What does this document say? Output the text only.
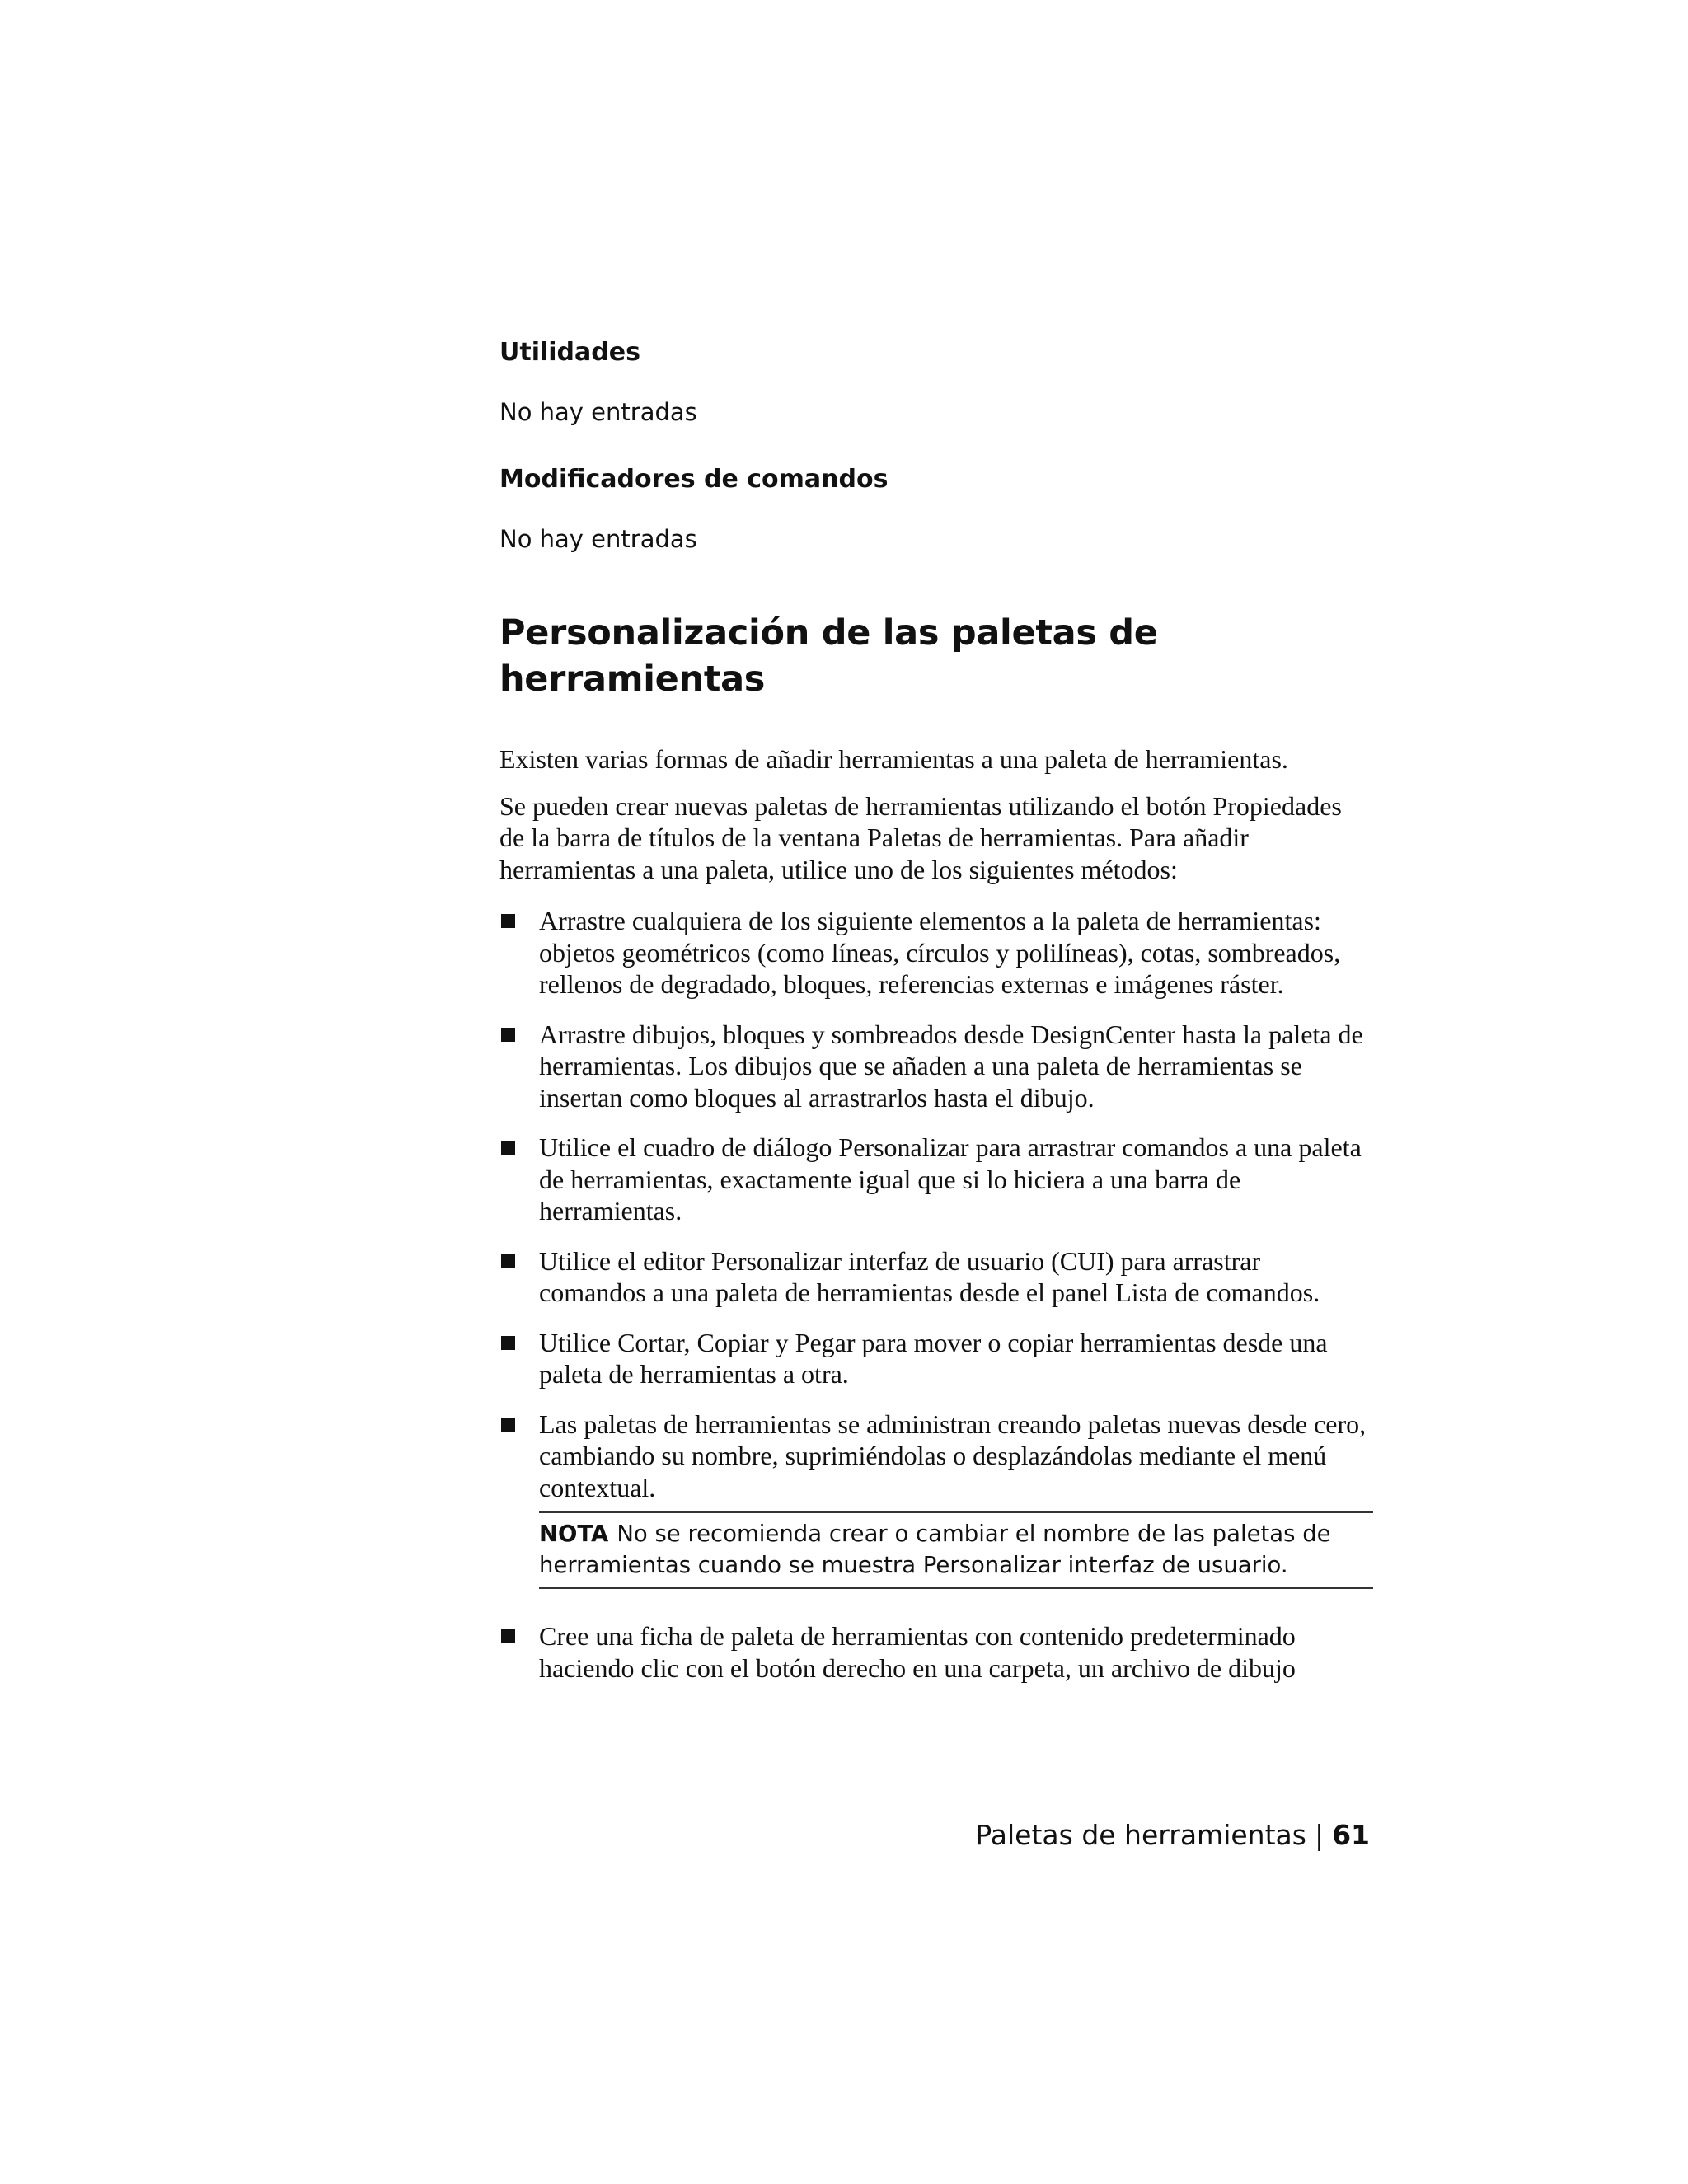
Utilidades

No hay entradas

Modificadores de comandos

No hay entradas

Personalización de las paletas de herramientas

Existen varias formas de añadir herramientas a una paleta de herramientas.

Se pueden crear nuevas paletas de herramientas utilizando el botón Propiedades de la barra de títulos de la ventana Paletas de herramientas. Para añadir herramientas a una paleta, utilice uno de los siguientes métodos:

Arrastre cualquiera de los siguiente elementos a la paleta de herramientas: objetos geométricos (como líneas, círculos y polilíneas), cotas, sombreados, rellenos de degradado, bloques, referencias externas e imágenes ráster.

Arrastre dibujos, bloques y sombreados desde DesignCenter hasta la paleta de herramientas. Los dibujos que se añaden a una paleta de herramientas se insertan como bloques al arrastrarlos hasta el dibujo.

Utilice el cuadro de diálogo Personalizar para arrastrar comandos a una paleta de herramientas, exactamente igual que si lo hiciera a una barra de herramientas.

Utilice el editor Personalizar interfaz de usuario (CUI) para arrastrar comandos a una paleta de herramientas desde el panel Lista de comandos.

Utilice Cortar, Copiar y Pegar para mover o copiar herramientas desde una paleta de herramientas a otra.

Las paletas de herramientas se administran creando paletas nuevas desde cero, cambiando su nombre, suprimiéndolas o desplazándolas mediante el menú contextual.

NOTA No se recomienda crear o cambiar el nombre de las paletas de herramientas cuando se muestra Personalizar interfaz de usuario.

Cree una ficha de paleta de herramientas con contenido predeterminado haciendo clic con el botón derecho en una carpeta, un archivo de dibujo

Paletas de herramientas | 61
